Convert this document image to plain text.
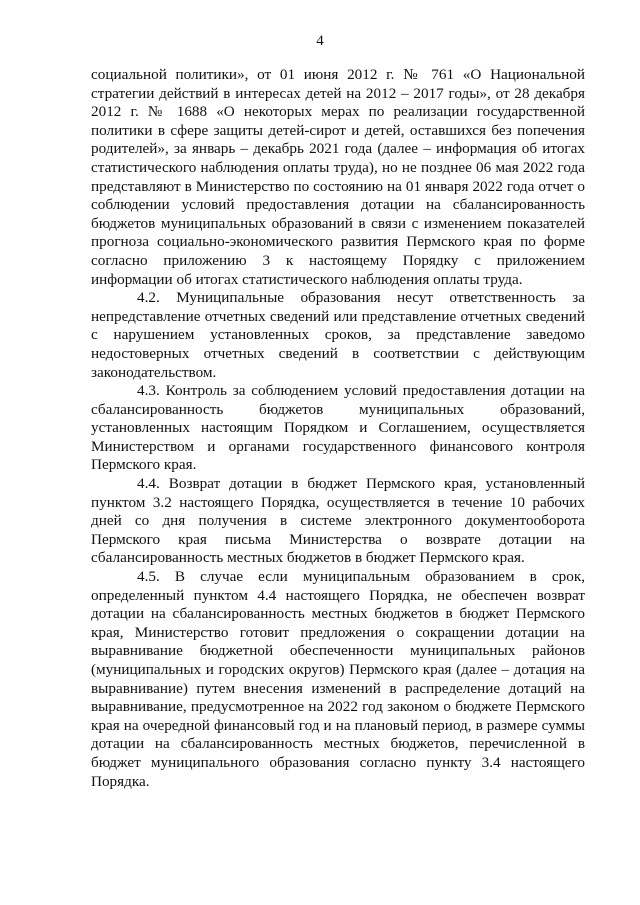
4

социальной политики», от 01 июня 2012 г. № 761 «О Национальной стратегии действий в интересах детей на 2012 – 2017 годы», от 28 декабря 2012 г. № 1688 «О некоторых мерах по реализации государственной политики в сфере защиты детей-сирот и детей, оставшихся без попечения родителей», за январь – декабрь 2021 года (далее – информация об итогах статистического наблюдения оплаты труда), но не позднее 06 мая 2022 года представляют в Министерство по состоянию на 01 января 2022 года отчет о соблюдении условий предоставления дотации на сбалансированность бюджетов муниципальных образований в связи с изменением показателей прогноза социально-экономического развития Пермского края по форме согласно приложению 3 к настоящему Порядку с приложением информации об итогах статистического наблюдения оплаты труда.

4.2. Муниципальные образования несут ответственность за непредставление отчетных сведений или представление отчетных сведений с нарушением установленных сроков, за представление заведомо недостоверных отчетных сведений в соответствии с действующим законодательством.

4.3. Контроль за соблюдением условий предоставления дотации на сбалансированность бюджетов муниципальных образований, установленных настоящим Порядком и Соглашением, осуществляется Министерством и органами государственного финансового контроля Пермского края.

4.4. Возврат дотации в бюджет Пермского края, установленный пунктом 3.2 настоящего Порядка, осуществляется в течение 10 рабочих дней со дня получения в системе электронного документооборота Пермского края письма Министерства о возврате дотации на сбалансированность местных бюджетов в бюджет Пермского края.

4.5. В случае если муниципальным образованием в срок, определенный пунктом 4.4 настоящего Порядка, не обеспечен возврат дотации на сбалансированность местных бюджетов в бюджет Пермского края, Министерство готовит предложения о сокращении дотации на выравнивание бюджетной обеспеченности муниципальных районов (муниципальных и городских округов) Пермского края (далее – дотация на выравнивание) путем внесения изменений в распределение дотаций на выравнивание, предусмотренное на 2022 год законом о бюджете Пермского края на очередной финансовый год и на плановый период, в размере суммы дотации на сбалансированность местных бюджетов, перечисленной в бюджет муниципального образования согласно пункту 3.4 настоящего Порядка.
